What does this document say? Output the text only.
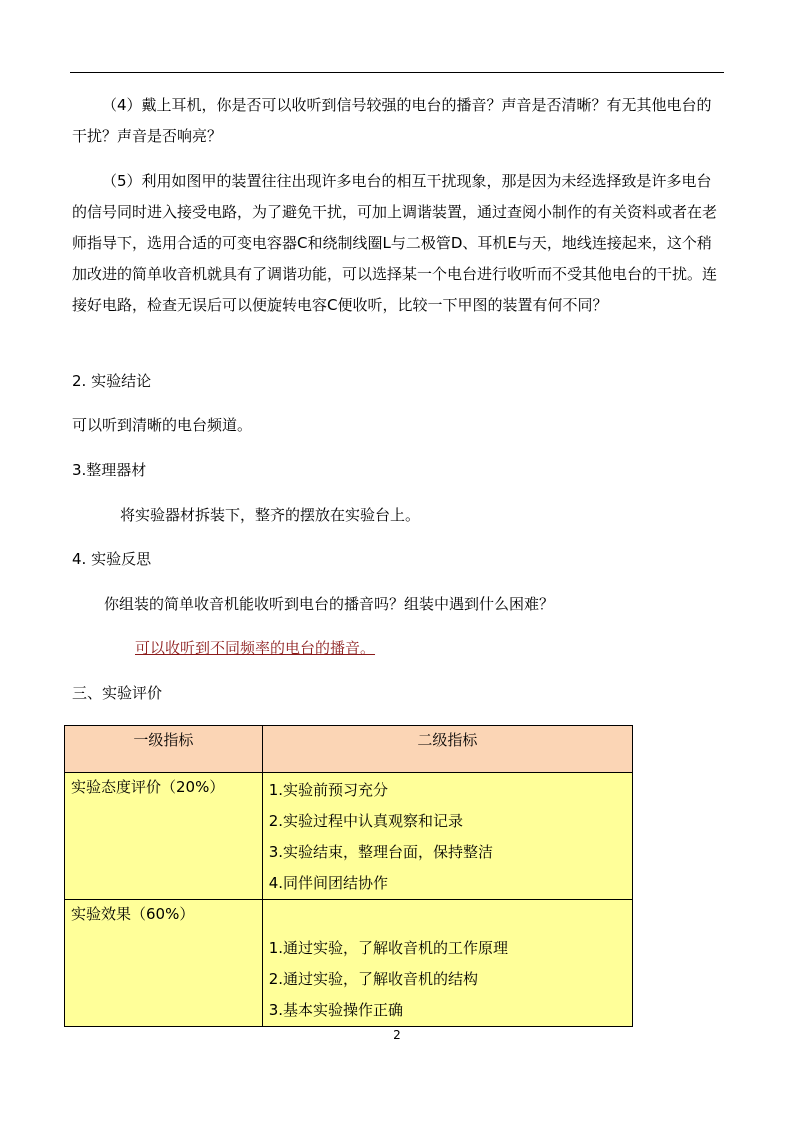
（4）戴上耳机，你是否可以收听到信号较强的电台的播音？声音是否清晰？有无其他电台的干扰？声音是否响亮？

（5）利用如图甲的装置往往出现许多电台的相互干扰现象，那是因为未经选择致是许多电台的信号同时进入接受电路，为了避免干扰，可加上调谐装置，通过查阅小制作的有关资料或者在老师指导下，选用合适的可变电容器C和绕制线圈L与二极管D、耳机E与天，地线连接起来，这个稍加改进的简单收音机就具有了调谐功能，可以选择某一个电台进行收听而不受其他电台的干扰。连接好电路，检查无误后可以便旋转电容C便收听，比较一下甲图的装置有何不同？

2. 实验结论

可以听到清晰的电台频道。

3.整理器材

将实验器材拆装下，整齐的摆放在实验台上。

4. 实验反思

你组装的简单收音机能收听到电台的播音吗？组装中遇到什么困难？

可以收听到不同频率的电台的播音。

三、实验评价

一级指标	二级指标

实验态度评价（20%）	1.实验前预习充分
2.实验过程中认真观察和记录
3.实验结束，整理台面，保持整洁
4.同伴间团结协作

实验效果（60%）	1.通过实验，了解收音机的工作原理
2.通过实验，了解收音机的结构
3.基本实验操作正确
2
